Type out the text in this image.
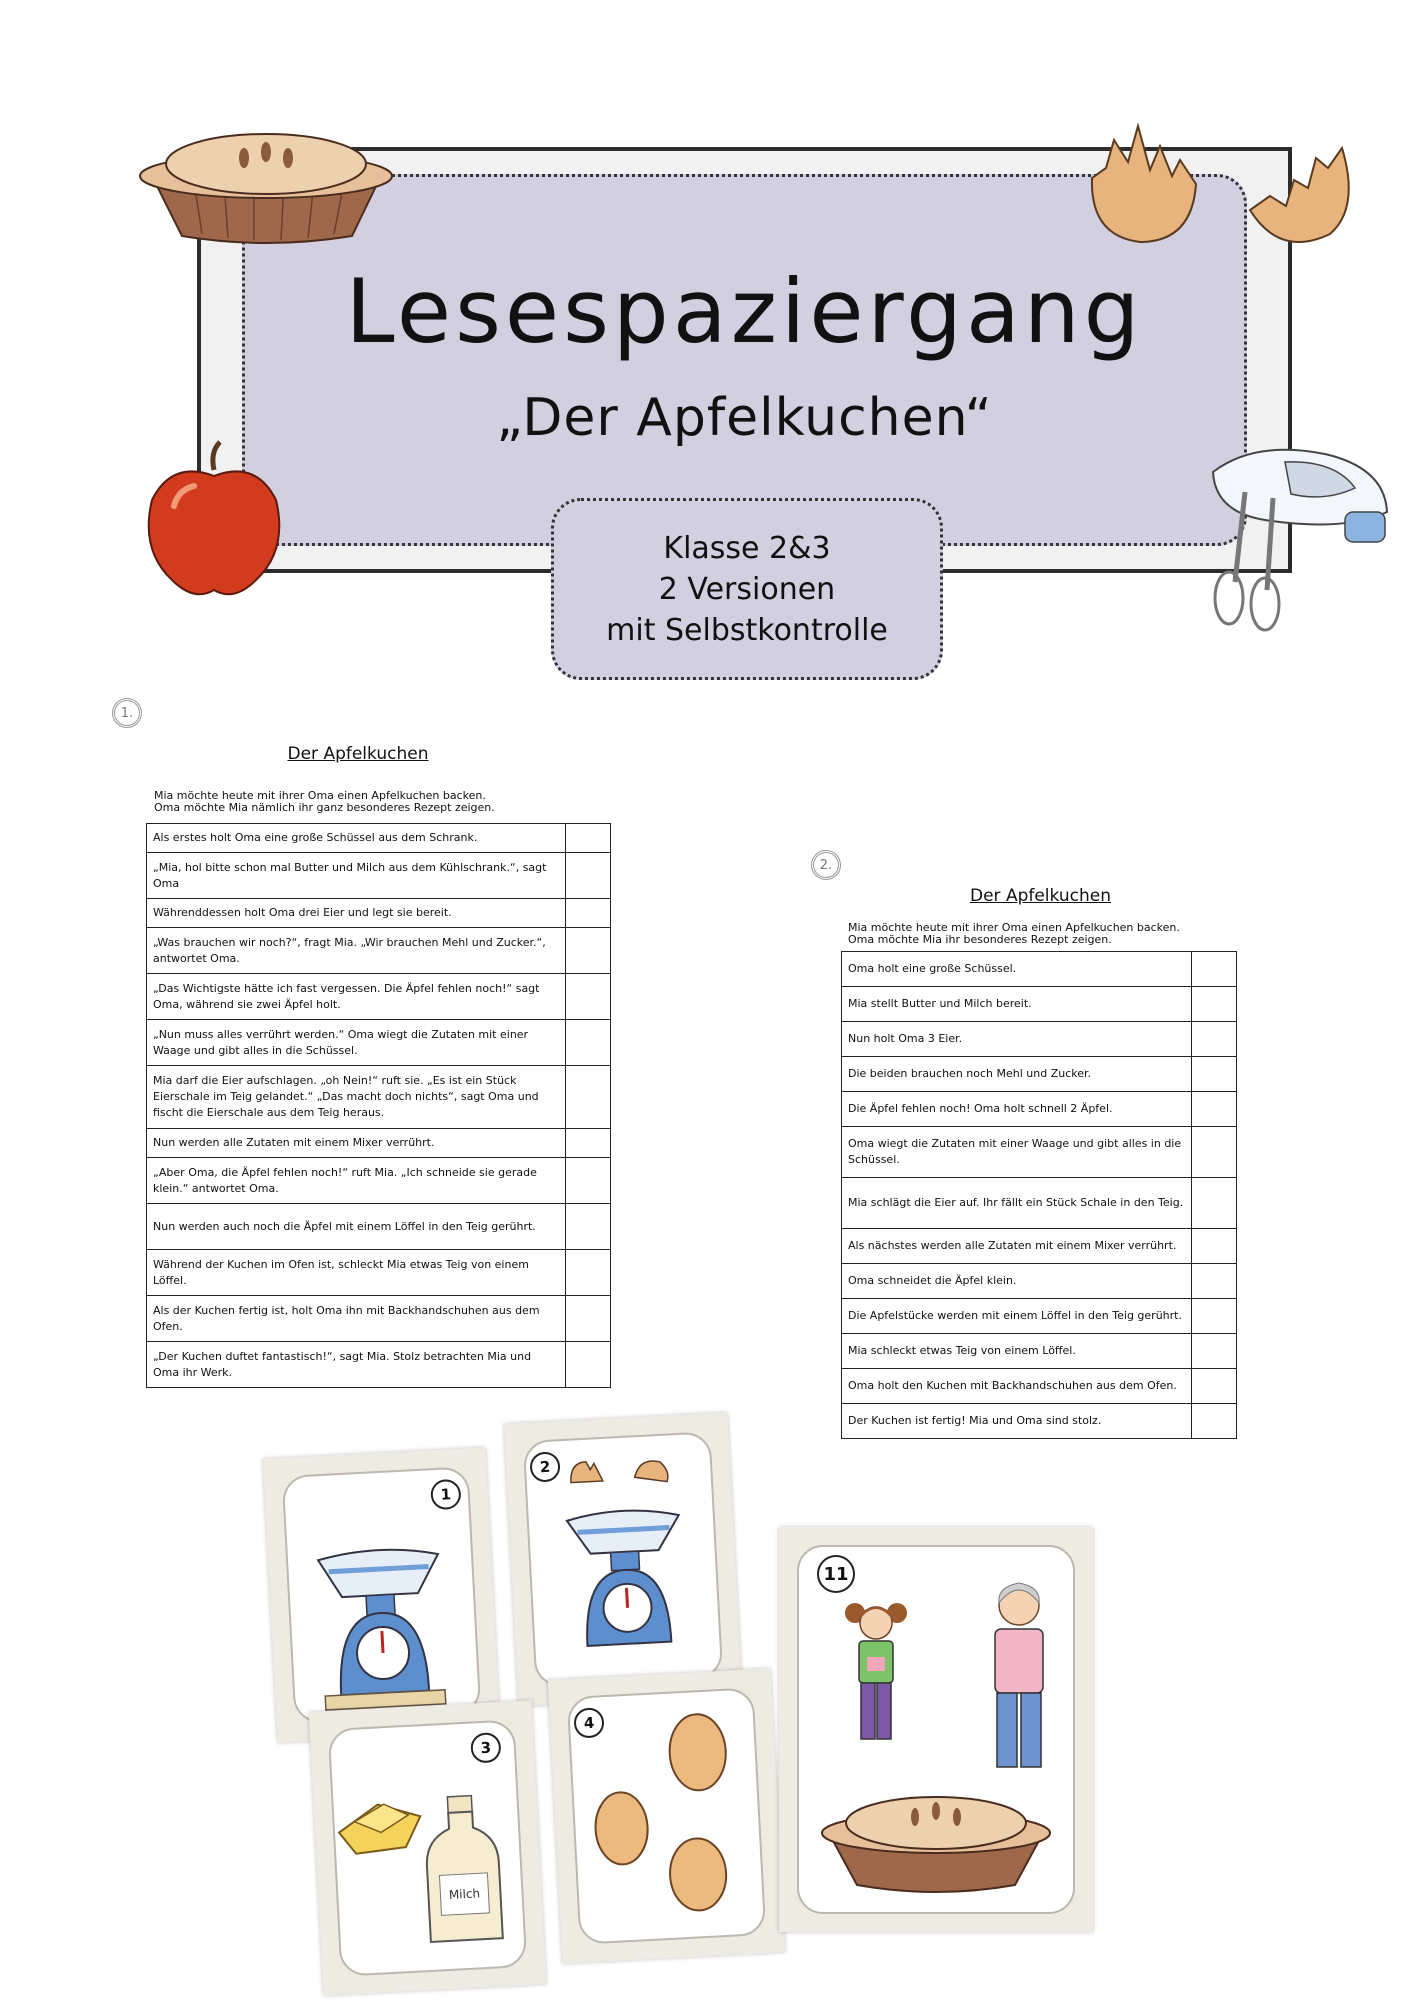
Lesespaziergang
„Der Apfelkuchen“
Klasse 2&3
2 Versionen
mit Selbstkontrolle
1.
Der Apfelkuchen
Mia möchte heute mit ihrer Oma einen Apfelkuchen backen.
Oma möchte Mia nämlich ihr ganz besonderes Rezept zeigen.
Als erstes holt Oma eine große Schüssel aus dem Schrank.	
„Mia, hol bitte schon mal Butter und Milch aus dem Kühlschrank.“, sagt Oma	
Währenddessen holt Oma drei Eier und legt sie bereit.	
„Was brauchen wir noch?“, fragt Mia. „Wir brauchen Mehl und Zucker.“, antwortet Oma.	
„Das Wichtigste hätte ich fast vergessen. Die Äpfel fehlen noch!“ sagt Oma, während sie zwei Äpfel holt.	
„Nun muss alles verrührt werden.“ Oma wiegt die Zutaten mit einer Waage und gibt alles in die Schüssel.	
Mia darf die Eier aufschlagen. „oh Nein!“ ruft sie. „Es ist ein Stück Eierschale im Teig gelandet.“ „Das macht doch nichts“, sagt Oma und fischt die Eierschale aus dem Teig heraus.	
Nun werden alle Zutaten mit einem Mixer verrührt.	
„Aber Oma, die Äpfel fehlen noch!“ ruft Mia. „Ich schneide sie gerade klein.“ antwortet Oma.	
Nun werden auch noch die Äpfel mit einem Löffel in den Teig gerührt.	
Während der Kuchen im Ofen ist, schleckt Mia etwas Teig von einem Löffel.	
Als der Kuchen fertig ist, holt Oma ihn mit Backhandschuhen aus dem Ofen.	
„Der Kuchen duftet fantastisch!“, sagt Mia. Stolz betrachten Mia und Oma ihr Werk.	
2.
Der Apfelkuchen
Mia möchte heute mit ihrer Oma einen Apfelkuchen backen.
Oma möchte Mia ihr besonderes Rezept zeigen.
Oma holt eine große Schüssel.	
Mia stellt Butter und Milch bereit.	
Nun holt Oma 3 Eier.	
Die beiden brauchen noch Mehl und Zucker.	
Die Äpfel fehlen noch! Oma holt schnell 2 Äpfel.	
Oma wiegt die Zutaten mit einer Waage und gibt alles in die Schüssel.	
Mia schlägt die Eier auf. Ihr fällt ein Stück Schale in den Teig.	
Als nächstes werden alle Zutaten mit einem Mixer verrührt.	
Oma schneidet die Äpfel klein.	
Die Apfelstücke werden mit einem Löffel in den Teig gerührt.	
Mia schleckt etwas Teig von einem Löffel.	
Oma holt den Kuchen mit Backhandschuhen aus dem Ofen.	
Der Kuchen ist fertig! Mia und Oma sind stolz.	
1
2
3
Milch
4
11
